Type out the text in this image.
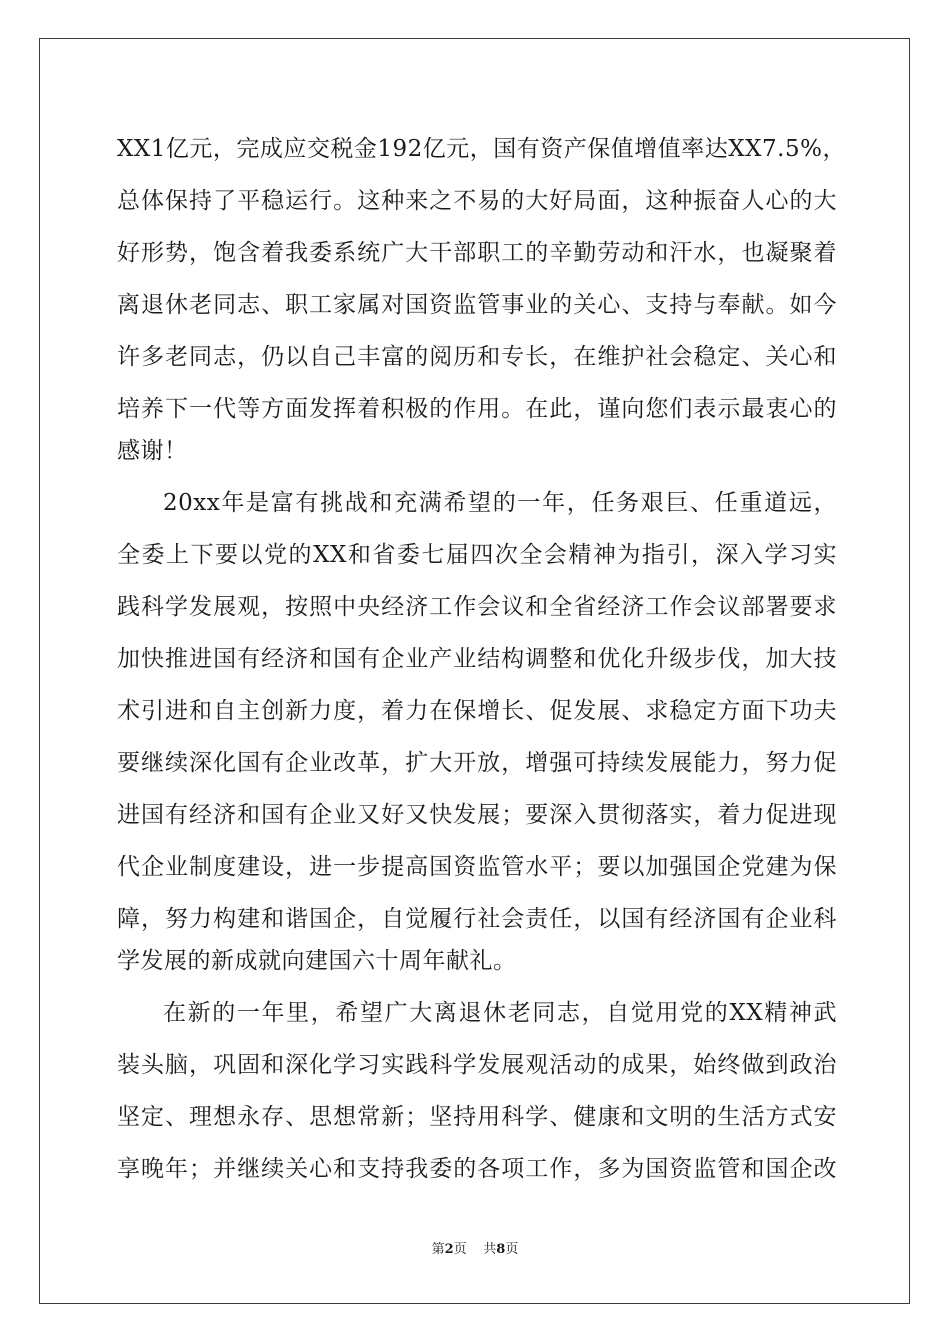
XX1亿元，完成应交税金192亿元，国有资产保值增值率达XX7.5%，
总体保持了平稳运行。这种来之不易的大好局面，这种振奋人心的大
好形势，饱含着我委系统广大干部职工的辛勤劳动和汗水，也凝聚着
离退休老同志、职工家属对国资监管事业的关心、支持与奉献。如今
许多老同志，仍以自己丰富的阅历和专长，在维护社会稳定、关心和
培养下一代等方面发挥着积极的作用。在此，谨向您们表示最衷心的
感谢！
20xx年是富有挑战和充满希望的一年，任务艰巨、任重道远，
全委上下要以党的XX和省委七届四次全会精神为指引，深入学习实
践科学发展观，按照中央经济工作会议和全省经济工作会议部署要求
加快推进国有经济和国有企业产业结构调整和优化升级步伐，加大技
术引进和自主创新力度，着力在保增长、促发展、求稳定方面下功夫
要继续深化国有企业改革，扩大开放，增强可持续发展能力，努力促
进国有经济和国有企业又好又快发展；要深入贯彻落实，着力促进现
代企业制度建设，进一步提高国资监管水平；要以加强国企党建为保
障，努力构建和谐国企，自觉履行社会责任，以国有经济国有企业科
学发展的新成就向建国六十周年献礼。
在新的一年里，希望广大离退休老同志，自觉用党的XX精神武
装头脑，巩固和深化学习实践科学发展观活动的成果，始终做到政治
坚定、理想永存、思想常新；坚持用科学、健康和文明的生活方式安
享晚年；并继续关心和支持我委的各项工作，多为国资监管和国企改
第2页 共8页
